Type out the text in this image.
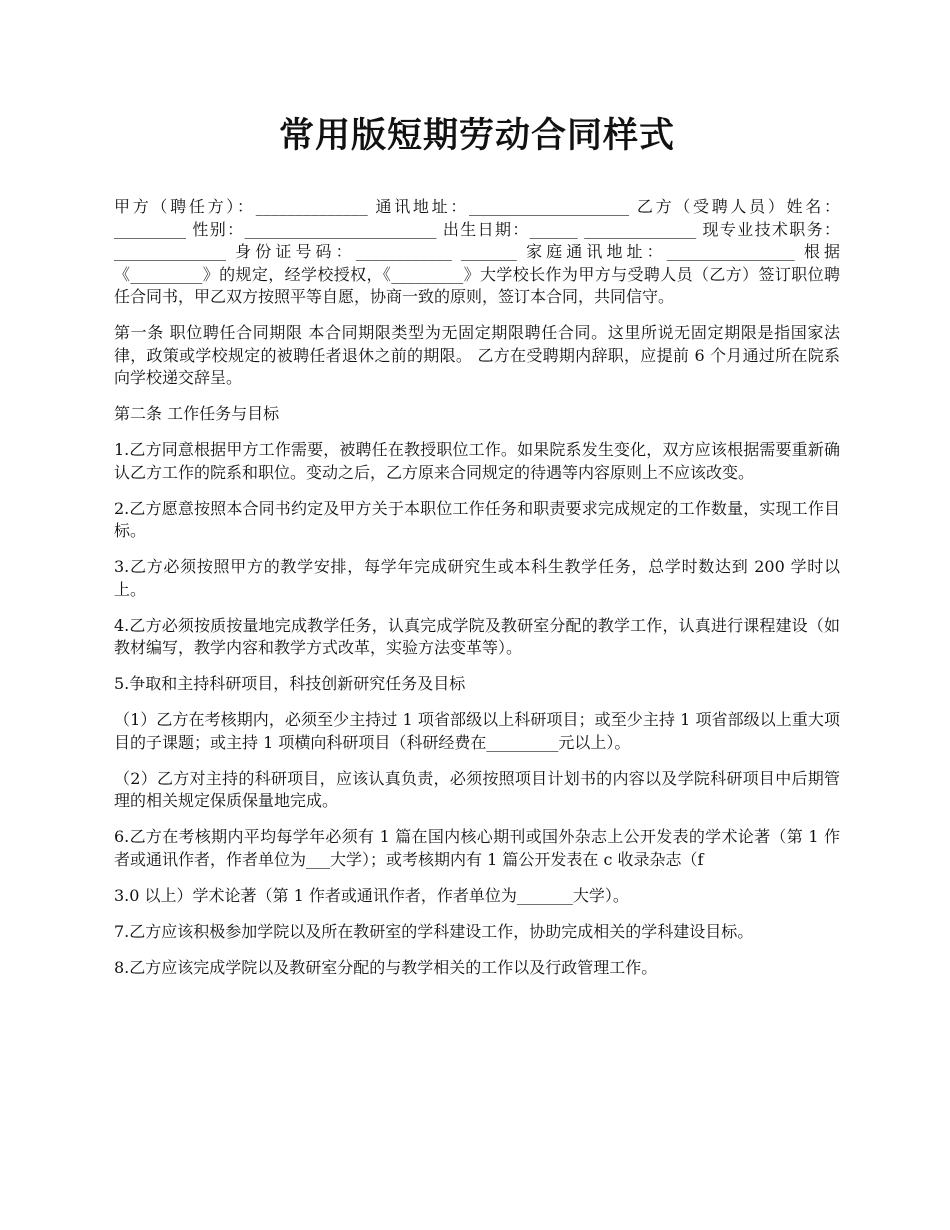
常用版短期劳动合同样式

甲方（聘任方）：______________ 通讯地址：____________________ 乙方（受聘人员）姓名：_________ 性别：________________________ 出生日期：______ ______________ 现专业技术职务：______________ 身份证号码：____________ _______ 家庭通讯地址：________________ 根据《_________》的规定，经学校授权，《_________》大学校长作为甲方与受聘人员（乙方）签订职位聘任合同书，甲乙双方按照平等自愿，协商一致的原则，签订本合同，共同信守。

第一条 职位聘任合同期限 本合同期限类型为无固定期限聘任合同。这里所说无固定期限是指国家法律，政策或学校规定的被聘任者退休之前的期限。 乙方在受聘期内辞职，应提前 6 个月通过所在院系向学校递交辞呈。

第二条 工作任务与目标

1.乙方同意根据甲方工作需要，被聘任在教授职位工作。如果院系发生变化，双方应该根据需要重新确认乙方工作的院系和职位。变动之后，乙方原来合同规定的待遇等内容原则上不应该改变。

2.乙方愿意按照本合同书约定及甲方关于本职位工作任务和职责要求完成规定的工作数量，实现工作目标。

3.乙方必须按照甲方的教学安排，每学年完成研究生或本科生教学任务，总学时数达到 200 学时以上。

4.乙方必须按质按量地完成教学任务，认真完成学院及教研室分配的教学工作，认真进行课程建设（如教材编写，教学内容和教学方式改革，实验方法变革等）。

5.争取和主持科研项目，科技创新研究任务及目标

（1）乙方在考核期内，必须至少主持过 1 项省部级以上科研项目；或至少主持 1 项省部级以上重大项目的子课题；或主持 1 项横向科研项目（科研经费在_________元以上）。

（2）乙方对主持的科研项目，应该认真负责，必须按照项目计划书的内容以及学院科研项目中后期管理的相关规定保质保量地完成。

6.乙方在考核期内平均每学年必须有 1 篇在国内核心期刊或国外杂志上公开发表的学术论著（第 1 作者或通讯作者，作者单位为___大学）；或考核期内有 1 篇公开发表在 c 收录杂志（f

3.0 以上）学术论著（第 1 作者或通讯作者，作者单位为_______大学）。

7.乙方应该积极参加学院以及所在教研室的学科建设工作，协助完成相关的学科建设目标。

8.乙方应该完成学院以及教研室分配的与教学相关的工作以及行政管理工作。
